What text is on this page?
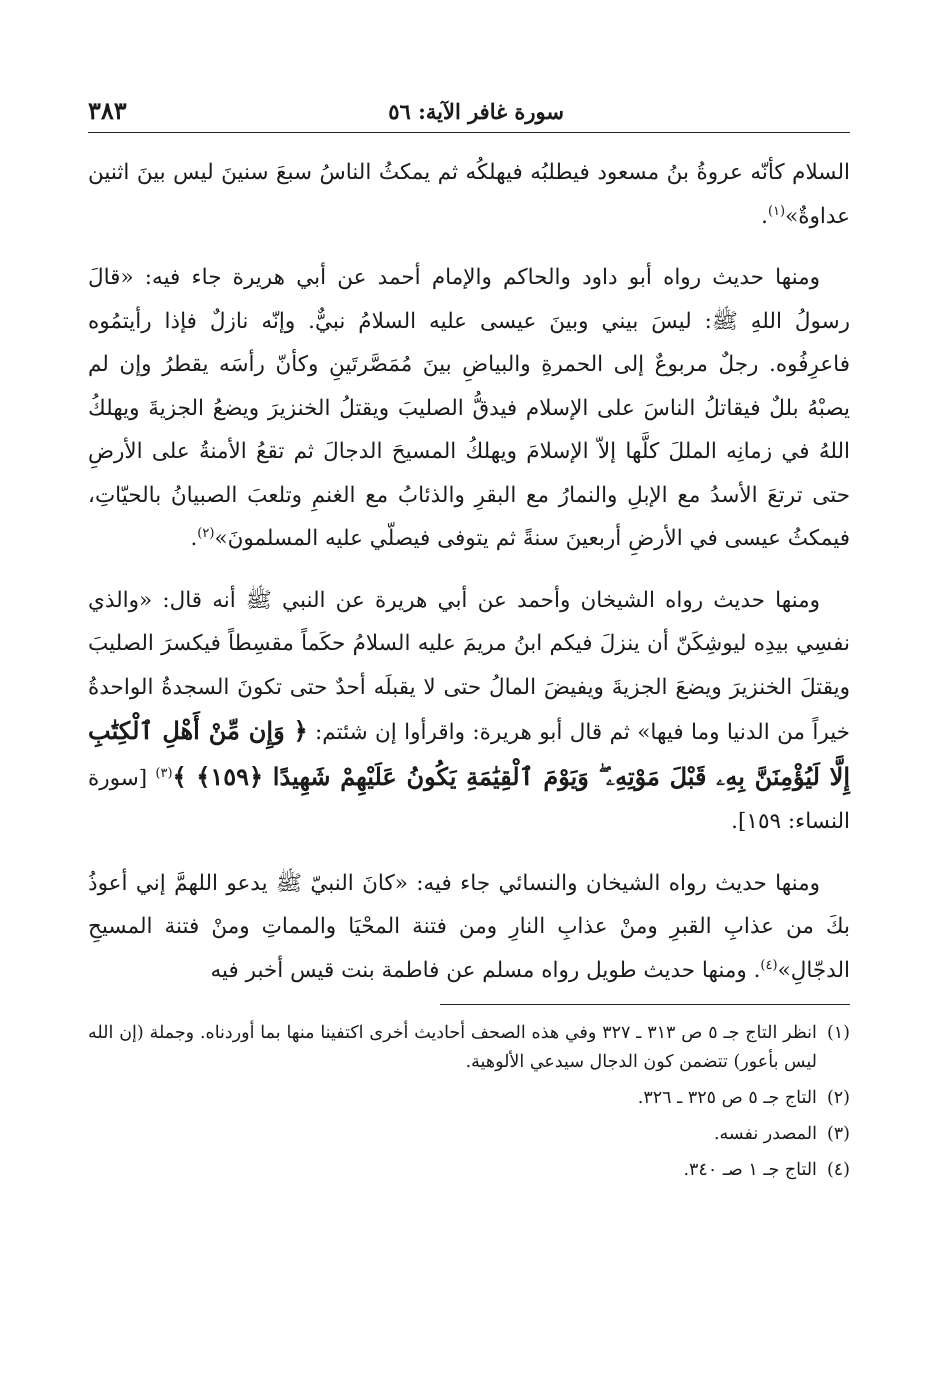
سورة غافر الآية: ٥٦
٣٨٣

السلام كأنّه عروةُ بنُ مسعود فيطلبُه فيهلكُه ثم يمكثُ الناسُ سبعَ سنينَ ليس بينَ اثنين عداوةٌ»$^{(١)}$.

ومنها حديث رواه أبو داود والحاكم والإمام أحمد عن أبي هريرة جاء فيه: «قالَ رسولُ اللهِ ﷺ: ليسَ بيني وبينَ عيسى عليه السلامُ نبيٌّ. وإنّه نازلٌ فإذا رأيتمُوه فاعرِفُوه. رجلٌ مربوعٌ إلى الحمرةِ والبياضِ بينَ مُمَصَّرتَينِ وكأنّ رأسَه يقطرُ وإن لم يصبْهُ بللٌ فيقاتلُ الناسَ على الإسلام فيدقُّ الصليبَ ويقتلُ الخنزيرَ ويضعُ الجزيةَ ويهلكُ اللهُ في زمانِه المللَ كلَّها إلاّ الإسلامَ ويهلكُ المسيحَ الدجالَ ثم تقعُ الأمنةُ على الأرضِ حتى ترتعَ الأسدُ مع الإبلِ والنمارُ مع البقرِ والذئابُ مع الغنمِ وتلعبَ الصبيانُ بالحيّاتِ، فيمكثُ عيسى في الأرضِ أربعينَ سنةً ثم يتوفى فيصلّي عليه المسلمونَ»$^{(٢)}$.

ومنها حديث رواه الشيخان وأحمد عن أبي هريرة عن النبي ﷺ أنه قال: «والذي نفسِي بيدِه ليوشِكَنّ أن ينزلَ فيكم ابنُ مريمَ عليه السلامُ حكَماً مقسِطاً فيكسرَ الصليبَ ويقتلَ الخنزيرَ ويضعَ الجزيةَ ويفيضَ المالُ حتى لا يقبلَه أحدٌ حتى تكونَ السجدةُ الواحدةُ خيراً من الدنيا وما فيها» ثم قال أبو هريرة: واقرأوا إن شئتم: ﴿ وَإِن مِّنْ أَهْلِ ٱلْكِتَٰبِ إِلَّا لَيُؤْمِنَنَّ بِهِۦ قَبْلَ مَوْتِهِۦ ۖ وَيَوْمَ ٱلْقِيَٰمَةِ يَكُونُ عَلَيْهِمْ شَهِيدًا ﴿١٥٩﴾ ﴾$^{(٣)}$ [سورة النساء: ١٥٩].

ومنها حديث رواه الشيخان والنسائي جاء فيه: «كانَ النبيّ ﷺ يدعو اللهمَّ إني أعوذُ بكَ من عذابِ القبرِ ومنْ عذابِ النارِ ومن فتنة المحْيَا والمماتِ ومنْ فتنة المسيحِ الدجّالِ»$^{(٤)}$. ومنها حديث طويل رواه مسلم عن فاطمة بنت قيس أخبر فيه

(١)
انظر التاج جـ ٥ ص ٣١٣ ـ ٣٢٧ وفي هذه الصحف أحاديث أخرى اكتفينا منها بما أوردناه. وجملة (إن الله ليس بأعور) تتضمن كون الدجال سيدعي الألوهية.
(٢)
التاج جـ ٥ ص ٣٢٥ ـ ٣٢٦.
(٣)
المصدر نفسه.
(٤)
التاج جـ ١ صـ ٣٤٠.
